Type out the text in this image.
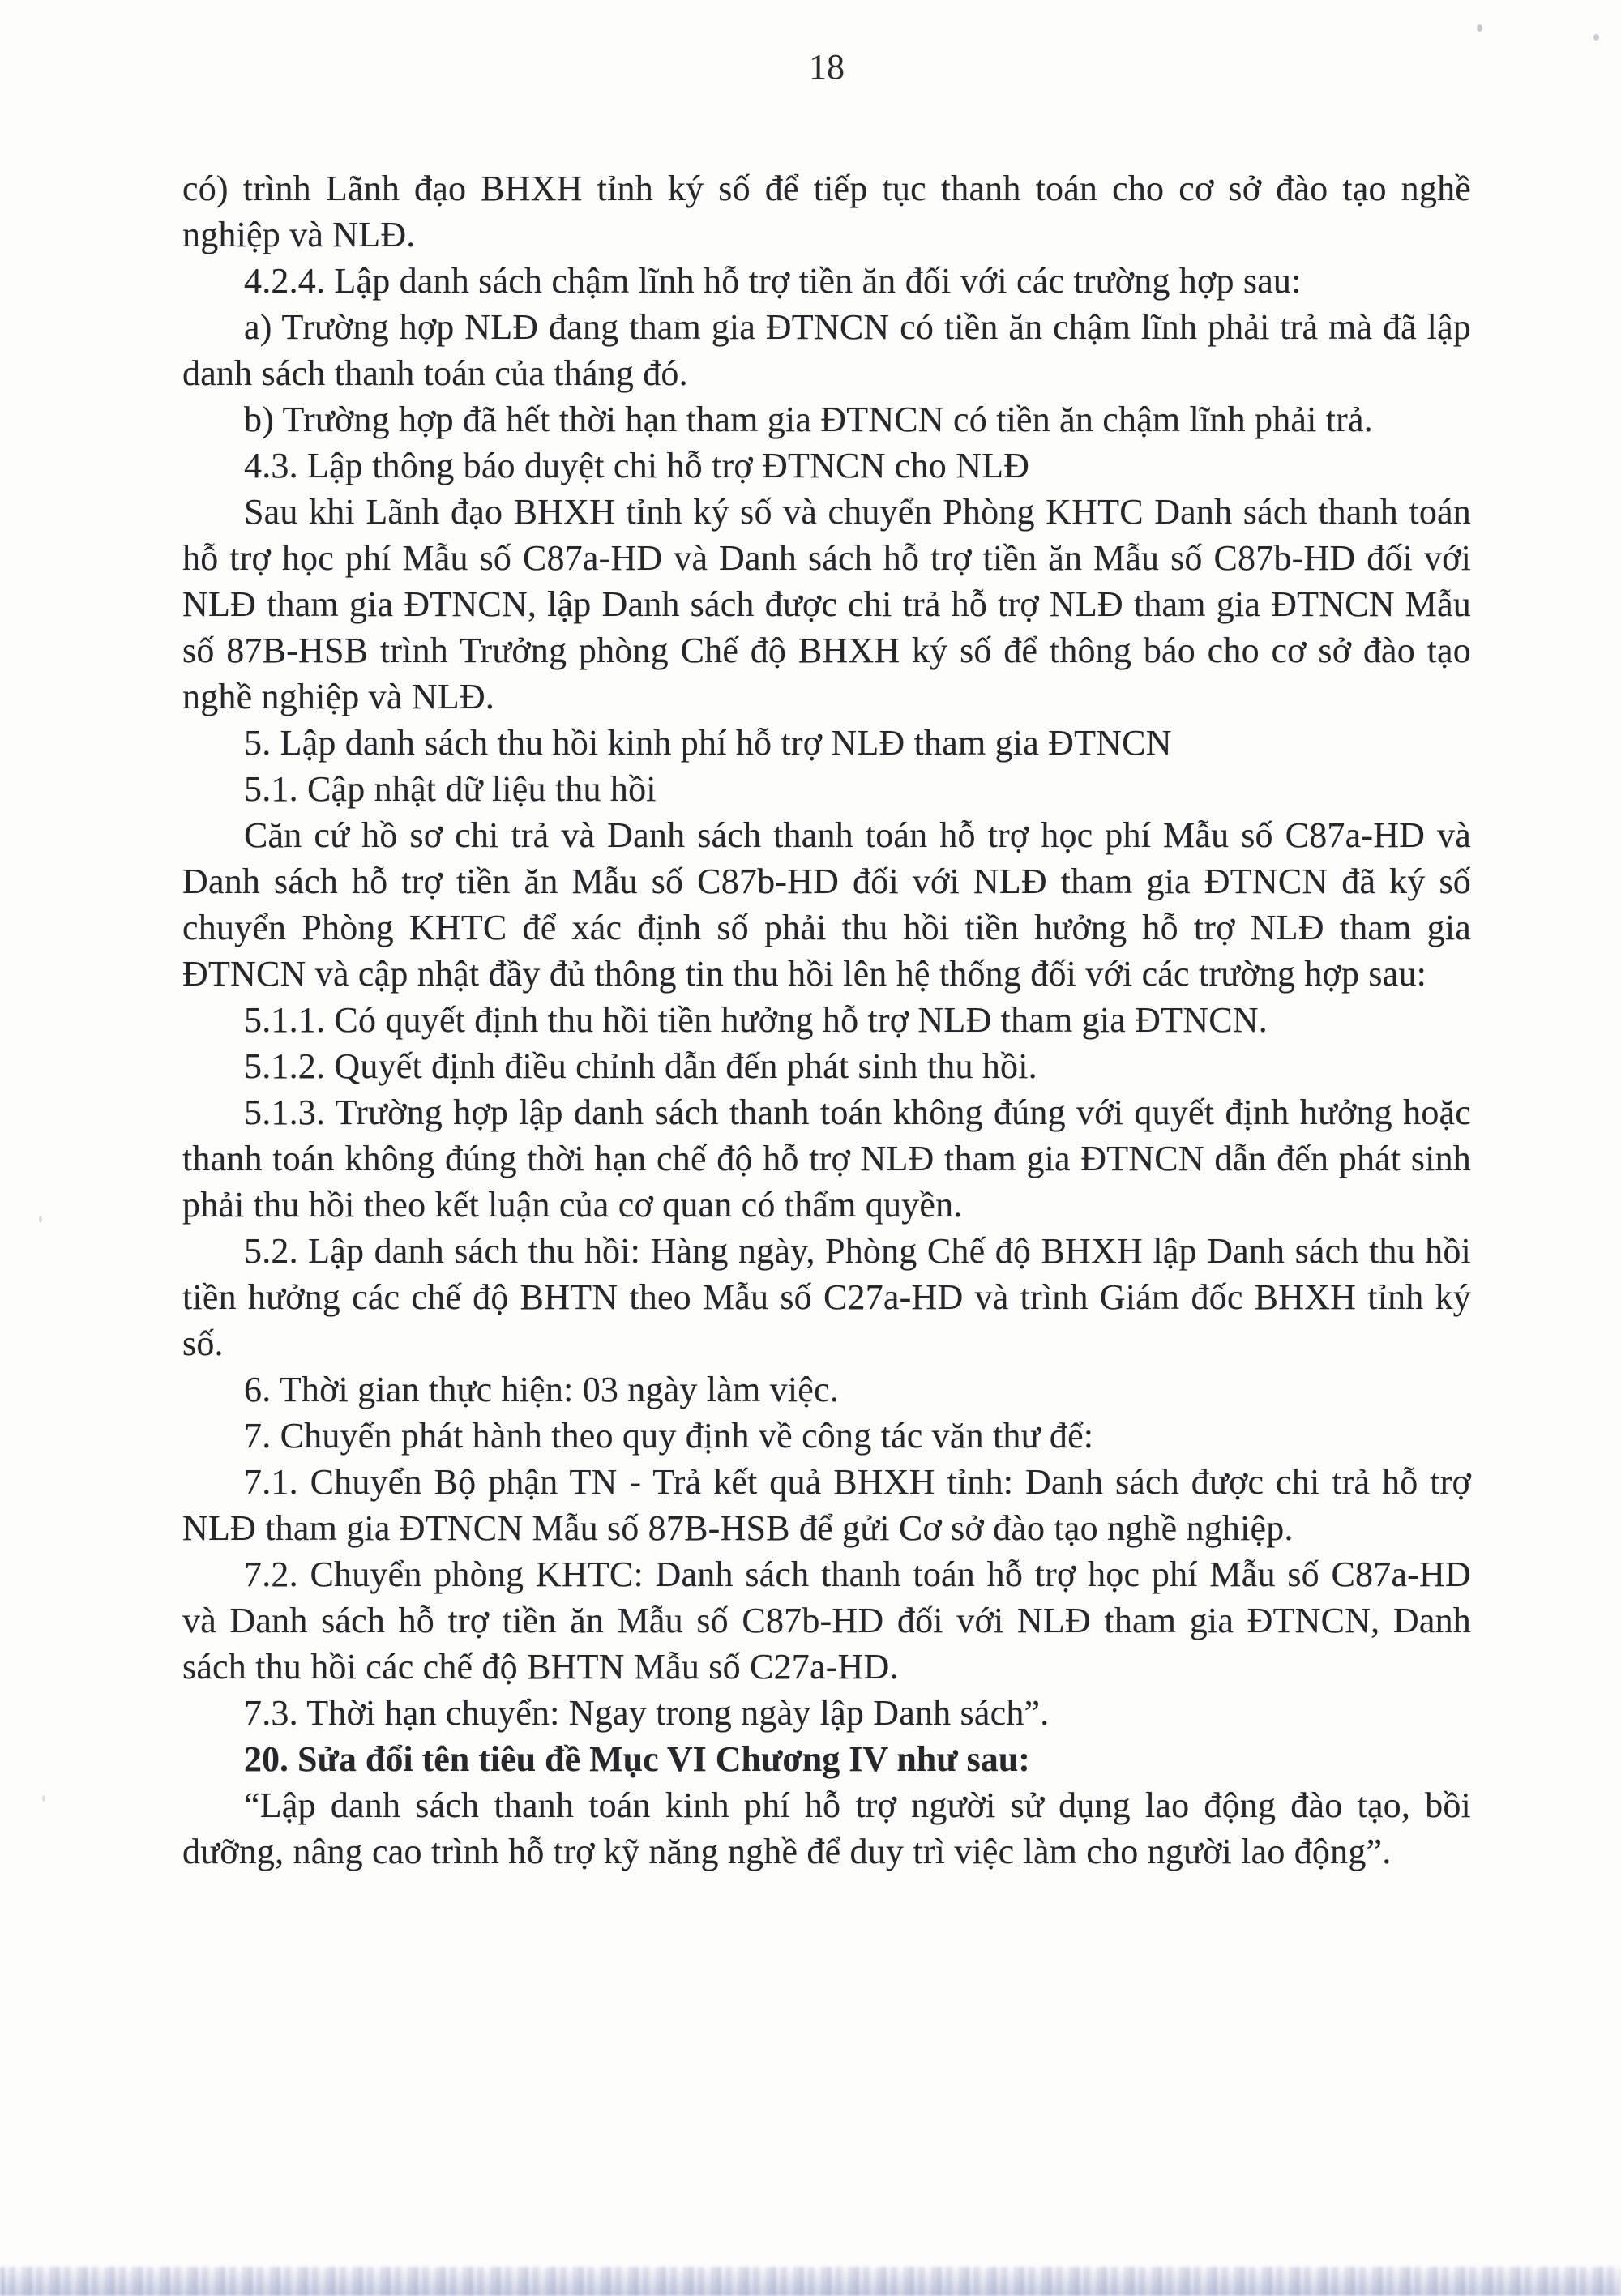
18

có) trình Lãnh đạo BHXH tỉnh ký số để tiếp tục thanh toán cho cơ sở đào tạo nghề nghiệp và NLĐ.

4.2.4. Lập danh sách chậm lĩnh hỗ trợ tiền ăn đối với các trường hợp sau:

a) Trường hợp NLĐ đang tham gia ĐTNCN có tiền ăn chậm lĩnh phải trả mà đã lập danh sách thanh toán của tháng đó.

b) Trường hợp đã hết thời hạn tham gia ĐTNCN có tiền ăn chậm lĩnh phải trả.

4.3. Lập thông báo duyệt chi hỗ trợ ĐTNCN cho NLĐ

Sau khi Lãnh đạo BHXH tỉnh ký số và chuyển Phòng KHTC Danh sách thanh toán hỗ trợ học phí Mẫu số C87a-HD và Danh sách hỗ trợ tiền ăn Mẫu số C87b-HD đối với NLĐ tham gia ĐTNCN, lập Danh sách được chi trả hỗ trợ NLĐ tham gia ĐTNCN Mẫu số 87B-HSB trình Trưởng phòng Chế độ BHXH ký số để thông báo cho cơ sở đào tạo nghề nghiệp và NLĐ.

5. Lập danh sách thu hồi kinh phí hỗ trợ NLĐ tham gia ĐTNCN

5.1. Cập nhật dữ liệu thu hồi

Căn cứ hồ sơ chi trả và Danh sách thanh toán hỗ trợ học phí Mẫu số C87a-HD và Danh sách hỗ trợ tiền ăn Mẫu số C87b-HD đối với NLĐ tham gia ĐTNCN đã ký số chuyển Phòng KHTC để xác định số phải thu hồi tiền hưởng hỗ trợ NLĐ tham gia ĐTNCN và cập nhật đầy đủ thông tin thu hồi lên hệ thống đối với các trường hợp sau:

5.1.1. Có quyết định thu hồi tiền hưởng hỗ trợ NLĐ tham gia ĐTNCN.

5.1.2. Quyết định điều chỉnh dẫn đến phát sinh thu hồi.

5.1.3. Trường hợp lập danh sách thanh toán không đúng với quyết định hưởng hoặc thanh toán không đúng thời hạn chế độ hỗ trợ NLĐ tham gia ĐTNCN dẫn đến phát sinh phải thu hồi theo kết luận của cơ quan có thẩm quyền.

5.2. Lập danh sách thu hồi: Hàng ngày, Phòng Chế độ BHXH lập Danh sách thu hồi tiền hưởng các chế độ BHTN theo Mẫu số C27a-HD và trình Giám đốc BHXH tỉnh ký số.

6. Thời gian thực hiện: 03 ngày làm việc.

7. Chuyển phát hành theo quy định về công tác văn thư để:

7.1. Chuyển Bộ phận TN - Trả kết quả BHXH tỉnh: Danh sách được chi trả hỗ trợ NLĐ tham gia ĐTNCN Mẫu số 87B-HSB để gửi Cơ sở đào tạo nghề nghiệp.

7.2. Chuyển phòng KHTC: Danh sách thanh toán hỗ trợ học phí Mẫu số C87a-HD và Danh sách hỗ trợ tiền ăn Mẫu số C87b-HD đối với NLĐ tham gia ĐTNCN, Danh sách thu hồi các chế độ BHTN Mẫu số C27a-HD.

7.3. Thời hạn chuyển: Ngay trong ngày lập Danh sách”.

20. Sửa đổi tên tiêu đề Mục VI Chương IV như sau:

“Lập danh sách thanh toán kinh phí hỗ trợ người sử dụng lao động đào tạo, bồi dưỡng, nâng cao trình hỗ trợ kỹ năng nghề để duy trì việc làm cho người lao động”.
